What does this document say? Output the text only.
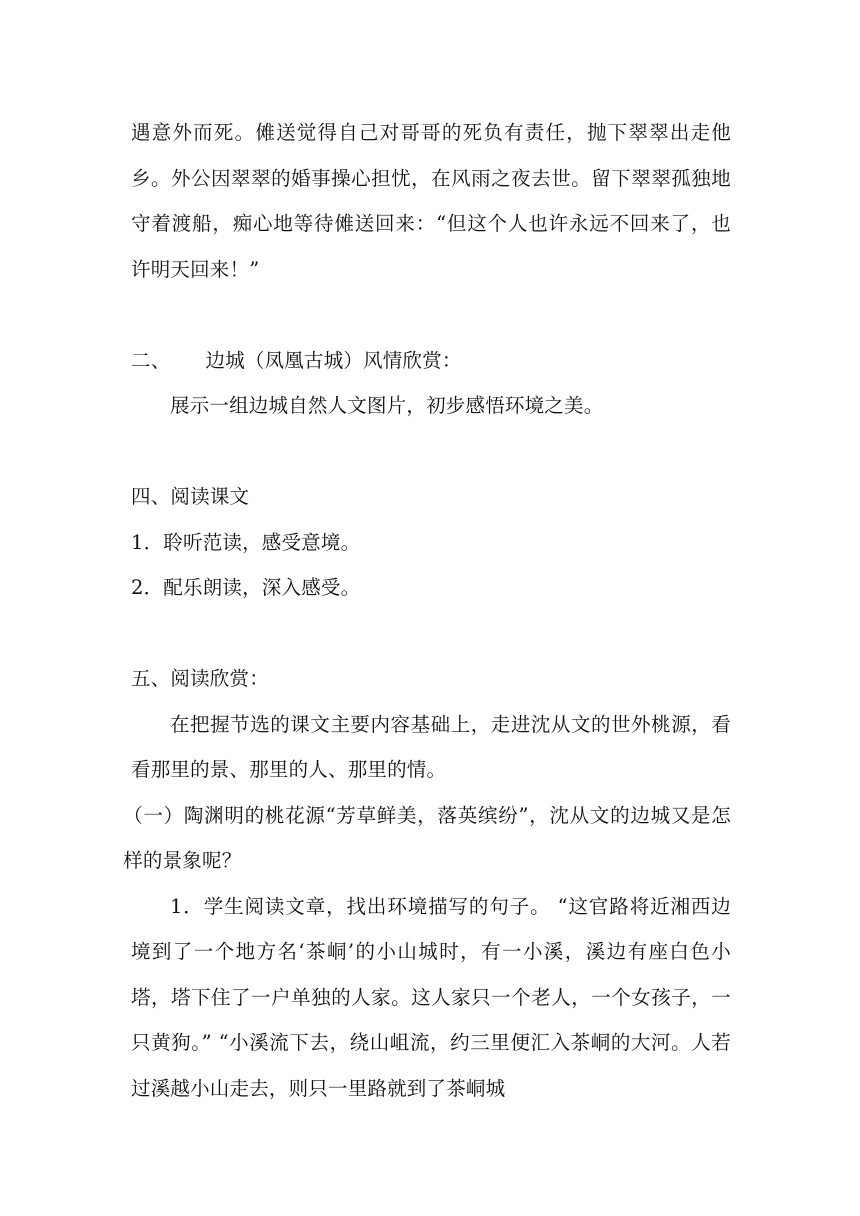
遇意外而死。傩送觉得自己对哥哥的死负有责任，抛下翠翠出走他乡。外公因翠翠的婚事操心担忧，在风雨之夜去世。留下翠翠孤独地守着渡船，痴心地等待傩送回来：“但这个人也许永远不回来了，也许明天回来！”

二、 边城（凤凰古城）风情欣赏：

展示一组边城自然人文图片，初步感悟环境之美。

四、阅读课文

1．聆听范读，感受意境。

2．配乐朗读，深入感受。

五、阅读欣赏：

在把握节选的课文主要内容基础上，走进沈从文的世外桃源，看看那里的景、那里的人、那里的情。

（一）陶渊明的桃花源“芳草鲜美，落英缤纷”，沈从文的边城又是怎样的景象呢？

1．学生阅读文章，找出环境描写的句子。 “这官路将近湘西边境到了一个地方名‘茶峒’的小山城时，有一小溪，溪边有座白色小塔，塔下住了一户单独的人家。这人家只一个老人，一个女孩子，一只黄狗。” “小溪流下去，绕山岨流，约三里便汇入茶峒的大河。人若过溪越小山走去，则只一里路就到了茶峒城
